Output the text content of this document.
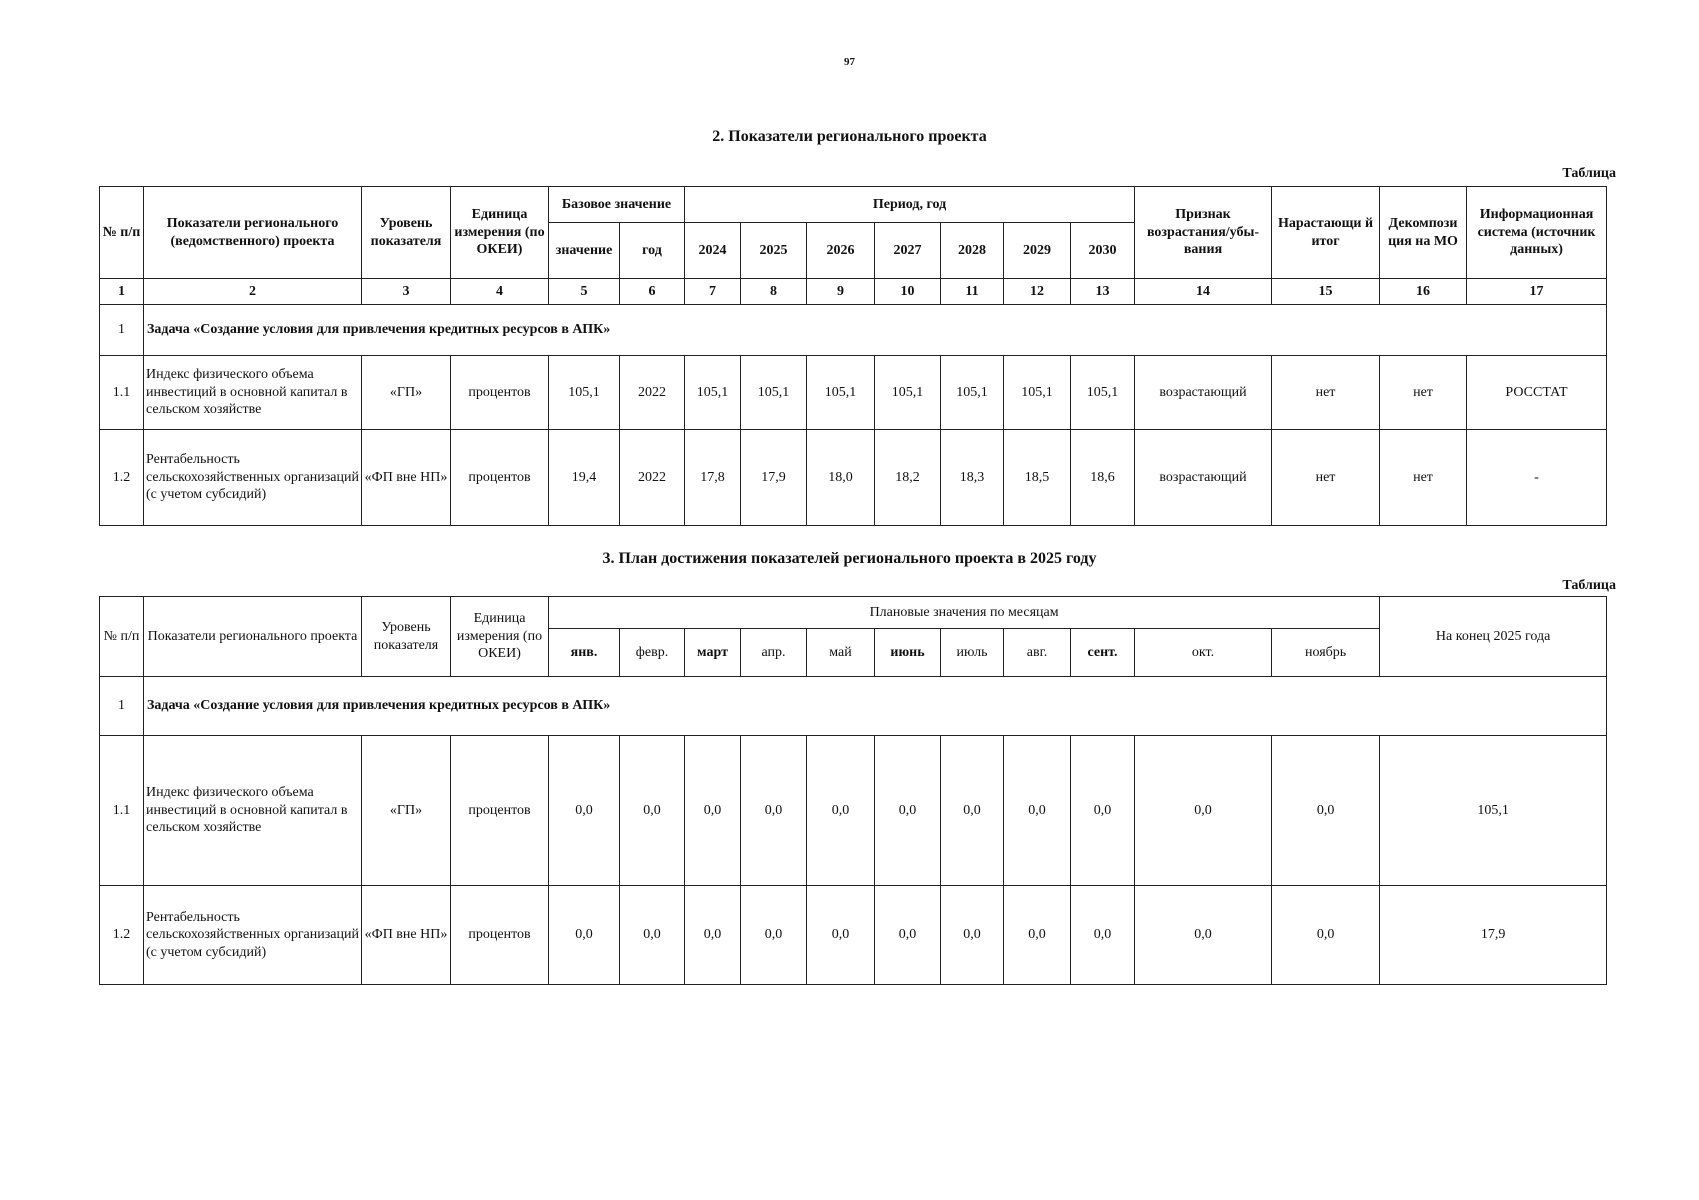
97
2. Показатели регионального проекта
Таблица
№ п/п	Показатели регионального (ведомственного) проекта	Уровень показателя	Единица измерения (по ОКЕИ)	Базовое значение		Период, год							Признак возрастания/убы-вания	Нарастающи й итог	Декомпози ция на МО	Информационная система (источник данных)
				значение	год	2024	2025	2026	2027	2028	2029	2030				
1	2	3	4	5	6	7	8	9	10	11	12	13	14	15	16	17
1	Задача «Создание условия для привлечения кредитных ресурсов в АПК»															
1.1	Индекс физического объема инвестиций в основной капитал в сельском хозяйстве	«ГП»	процентов	105,1	2022	105,1	105,1	105,1	105,1	105,1	105,1	105,1	возрастающий	нет	нет	РОССТАТ
1.2	Рентабельность сельскохозяйственных организаций (с учетом субсидий)	«ФП вне НП»	процентов	19,4	2022	17,8	17,9	18,0	18,2	18,3	18,5	18,6	возрастающий	нет	нет	-
3. План достижения показателей регионального проекта в 2025 году
Таблица
№ п/п	Показатели регионального проекта	Уровень показателя	Единица измерения (по ОКЕИ)	Плановые значения по месяцам											На конец 2025 года
				янв.	февр.	март	апр.	май	июнь	июль	авг.	сент.	окт.	ноябрь	
1	Задача «Создание условия для привлечения кредитных ресурсов в АПК»														
1.1	Индекс физического объема инвестиций в основной капитал в сельском хозяйстве	«ГП»	процентов	0,0	0,0	0,0	0,0	0,0	0,0	0,0	0,0	0,0	0,0	0,0	105,1
1.2	Рентабельность сельскохозяйственных организаций (с учетом субсидий)	«ФП вне НП»	процентов	0,0	0,0	0,0	0,0	0,0	0,0	0,0	0,0	0,0	0,0	0,0	17,9
